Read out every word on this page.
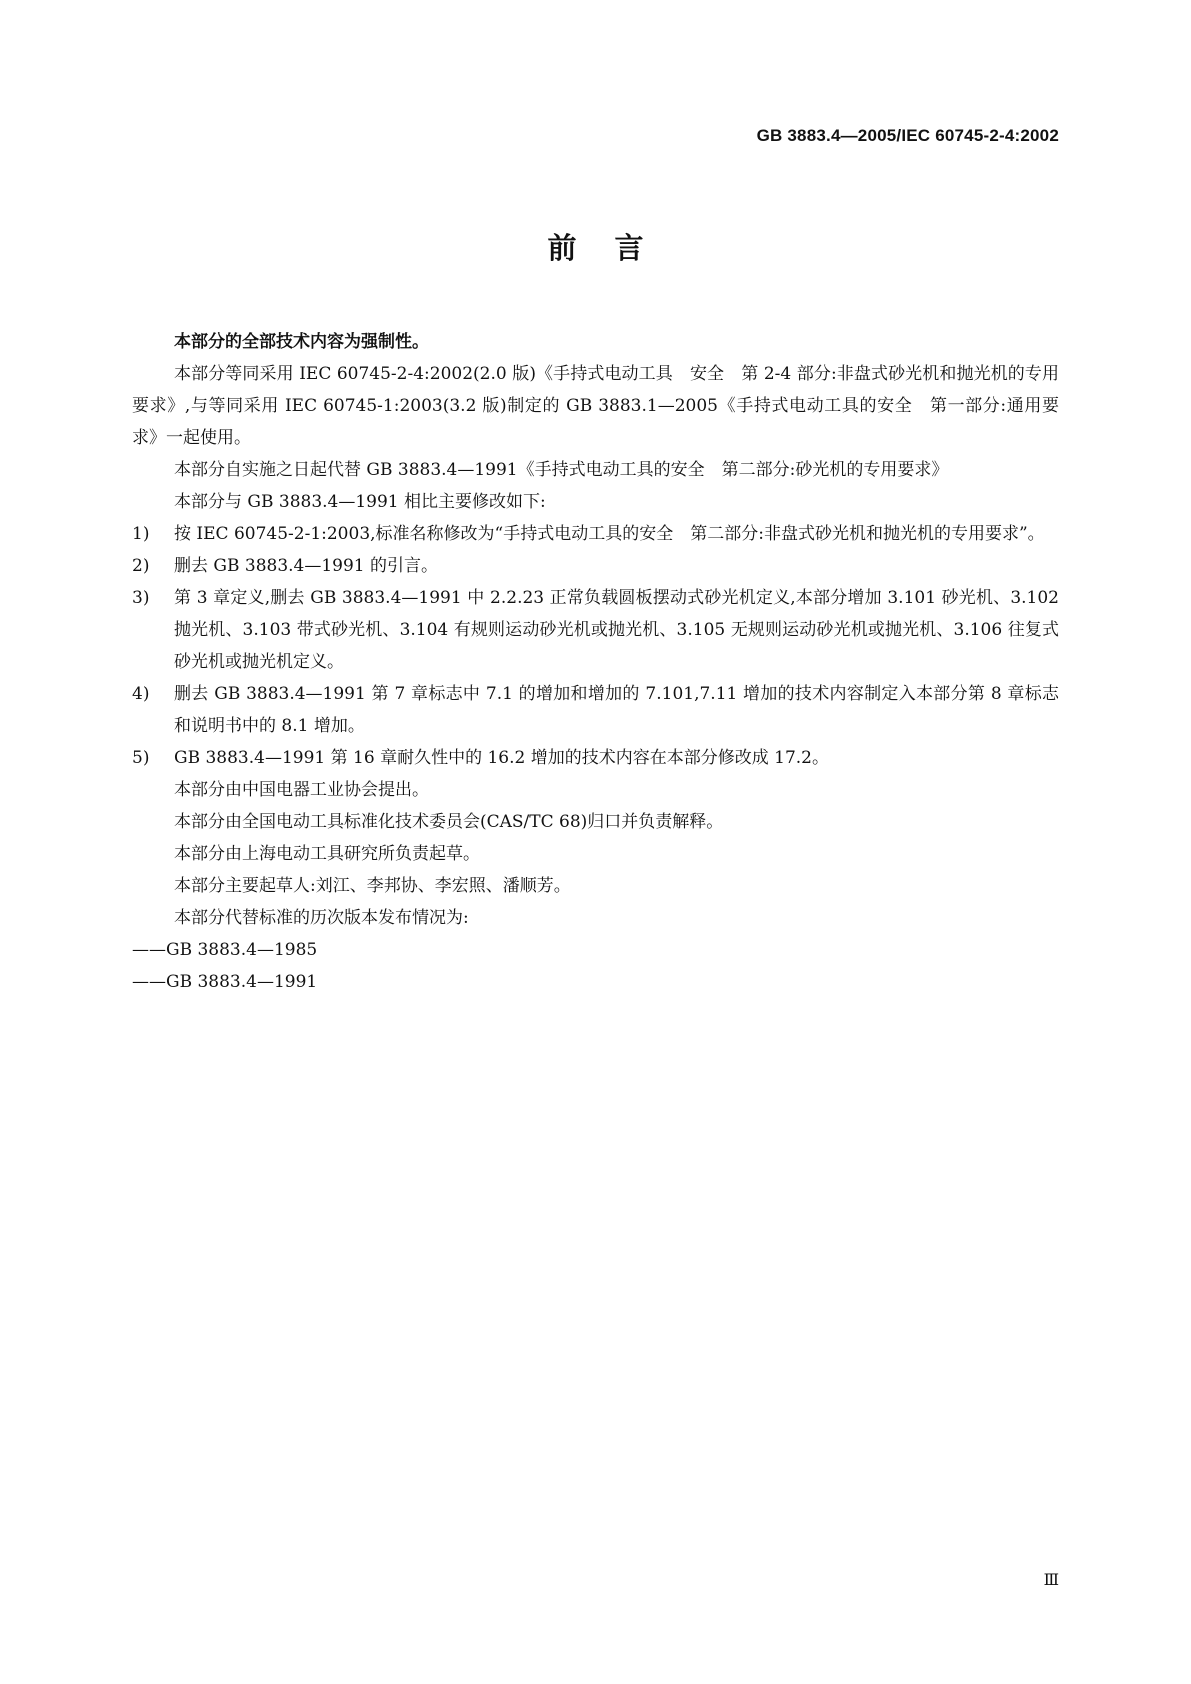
GB 3883.4—2005/IEC 60745-2-4:2002
前言

本部分的全部技术内容为强制性。

本部分等同采用 IEC 60745-2-4:2002(2.0 版)《手持式电动工具　安全　第 2-4 部分:非盘式砂光机和抛光机的专用要求》,与等同采用 IEC 60745-1:2003(3.2 版)制定的 GB 3883.1—2005《手持式电动工具的安全　第一部分:通用要求》一起使用。

本部分自实施之日起代替 GB 3883.4—1991《手持式电动工具的安全　第二部分:砂光机的专用要求》

本部分与 GB 3883.4—1991 相比主要修改如下:

1)	按 IEC 60745-2-1:2003,标准名称修改为“手持式电动工具的安全　第二部分:非盘式砂光机和抛光机的专用要求”。
2)	删去 GB 3883.4—1991 的引言。
3)	第 3 章定义,删去 GB 3883.4—1991 中 2.2.23 正常负载圆板摆动式砂光机定义,本部分增加 3.101 砂光机、3.102 抛光机、3.103 带式砂光机、3.104 有规则运动砂光机或抛光机、3.105 无规则运动砂光机或抛光机、3.106 往复式砂光机或抛光机定义。
4)	删去 GB 3883.4—1991 第 7 章标志中 7.1 的增加和增加的 7.101,7.11 增加的技术内容制定入本部分第 8 章标志和说明书中的 8.1 增加。
5)	GB 3883.4—1991 第 16 章耐久性中的 16.2 增加的技术内容在本部分修改成 17.2。

本部分由中国电器工业协会提出。

本部分由全国电动工具标准化技术委员会(CAS/TC 68)归口并负责解释。

本部分由上海电动工具研究所负责起草。

本部分主要起草人:刘江、李邦协、李宏照、潘顺芳。

本部分代替标准的历次版本发布情况为:

——GB 3883.4—1985

——GB 3883.4—1991

Ⅲ
